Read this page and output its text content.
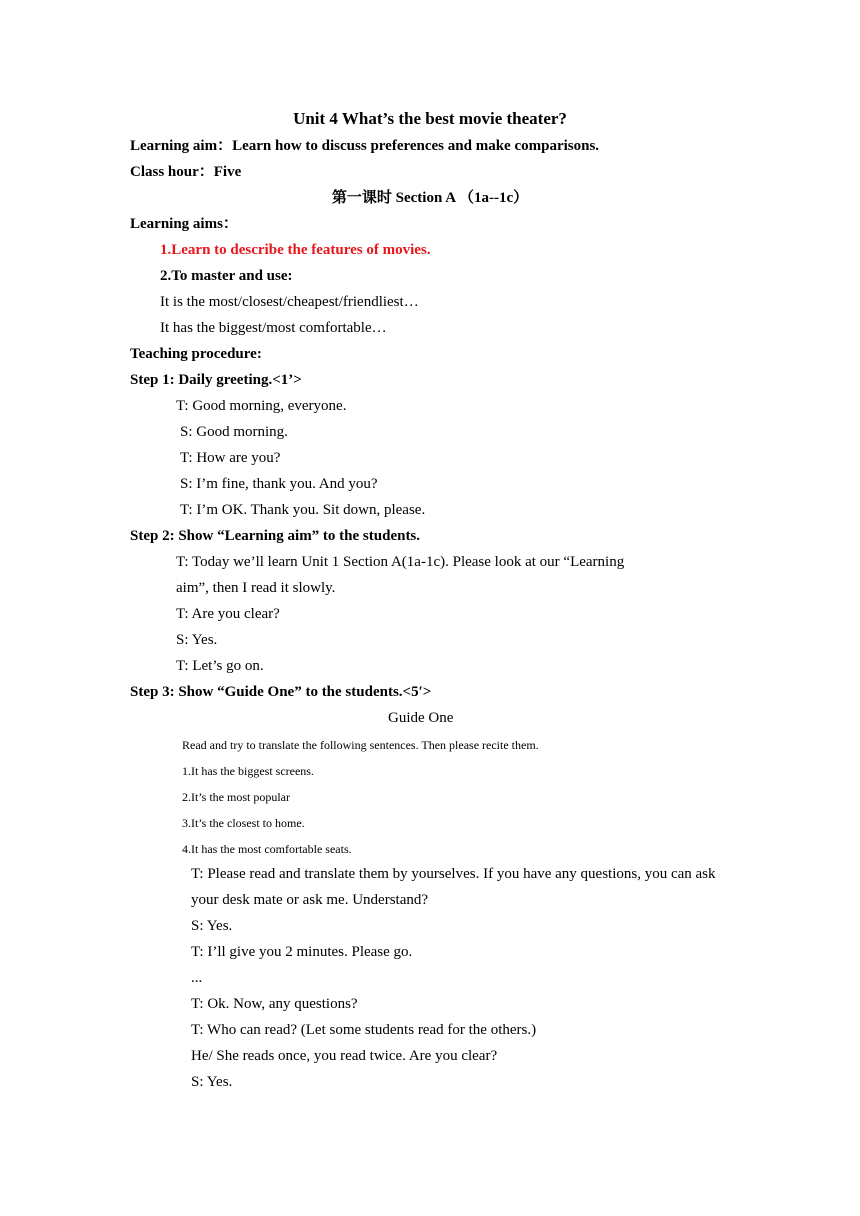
Unit 4 What’s the best movie theater?
Learning aim：Learn how to discuss preferences and make comparisons.
Class hour：Five
第一课时 Section A （1a--1c）
Learning aims：
1.Learn to describe the features of movies.
2.To master and use:
It is the most/closest/cheapest/friendliest…
It has the biggest/most comfortable…
Teaching procedure:
Step 1: Daily greeting.<1’>
T: Good morning, everyone.
S: Good morning.
T: How are you?
S: I’m fine, thank you. And you?
T: I’m OK. Thank you. Sit down, please.
Step 2: Show “Learning aim” to the students.
T: Today we’ll learn Unit 1 Section A(1a-1c). Please look at our “Learning
aim”, then I read it slowly.
T: Are you clear?
S: Yes.
T: Let’s go on.
Step 3: Show “Guide One” to the students.<5′>
Guide One
Read and try to translate the following sentences. Then please recite them.
1.It has the biggest screens.
2.It’s the most popular
3.It’s the closest to home.
4.It has the most comfortable seats.
T: Please read and translate them by yourselves. If you have any questions, you can ask
your desk mate or ask me. Understand?
S: Yes.
T: I’ll give you 2 minutes. Please go.
...
T: Ok. Now, any questions?
T: Who can read? (Let some students read for the others.)
He/ She reads once, you read twice. Are you clear?
S: Yes.
